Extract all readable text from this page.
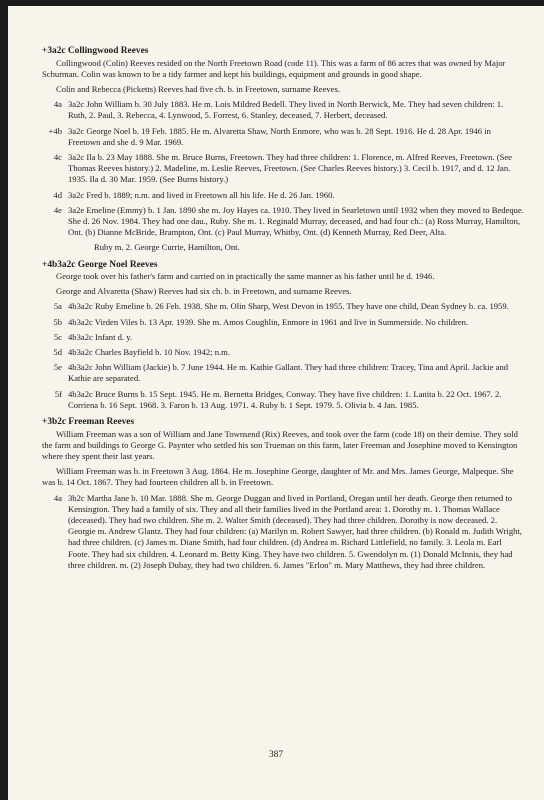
+3a2c Collingwood Reeves

Collingwood (Colin) Reeves resided on the North Freetown Road (code 11). This was a farm of 86 acres that was owned by Major Schurman. Colin was known to be a tidy farmer and kept his buildings, equipment and grounds in good shape.

Colin and Rebecca (Picketts) Reeves had five ch. b. in Freetown, surname Reeves.

4a 3a2c John William b. 30 July 1883. He m. Lois Mildred Bedell. They lived in North Berwick, Me. They had seven children: 1. Ruth, 2. Paul, 3. Rebecca, 4. Lynwood, 5. Forrest, 6. Stanley, deceased, 7. Herbert, deceased.
+4b 3a2c George Noel b. 19 Feb. 1885. He m. Alvaretta Shaw, North Enmore, who was b. 28 Sept. 1916. He d. 28 Apr. 1946 in Freetown and she d. 9 Mar. 1969.
4c 3a2c Ila b. 23 May 1888. She m. Bruce Burns, Freetown. They had three children: 1. Florence, m. Alfred Reeves, Freetown. (See Thomas Reeves history.) 2. Madeline, m. Leslie Reeves, Freetown. (See Charles Reeves history.) 3. Cecil b. 1917, and d. 12 Jan. 1935. Ila d. 30 Mar. 1959. (See Burns history.)
4d 3a2c Fred b. 1889; n.m. and lived in Freetown all his life. He d. 26 Jan. 1960.
4e 3a2e Emeline (Emmy) b. 1 Jan. 1890 she m. Joy Hayes ca. 1910. They lived in Searletown until 1932 when they moved to Bedeque. She d. 26 Nov. 1984. They had one dau., Ruby. She m. 1. Reginald Murray, deceased, and had four ch.: (a) Ross Murray, Hamilton, Ont. (b) Dianne McBride, Brampton, Ont. (c) Paul Murray, Whitby, Ont. (d) Kenneth Murray, Red Deer, Alta.
Ruby m. 2. George Currie, Hamilton, Ont.
+4b3a2c George Noel Reeves

George took over his father's farm and carried on in practically the same manner as his father until he d. 1946.

George and Alvaretta (Shaw) Reeves had six ch. b. in Freetown, and surname Reeves.

5a 4b3a2c Ruby Emeline b. 26 Feb. 1938. She m. Olin Sharp, West Devon in 1955. They have one child, Dean Sydney b. ca. 1959.
5b 4b3a2c Virden Viles b. 13 Apr. 1939. She m. Amos Coughlin, Enmore in 1961 and live in Summerside. No children.
5c 4b3a2c Infant d. y.
5d 4b3a2c Charles Bayfield b. 10 Nov. 1942; n.m.
5e 4b3a2c John William (Jackie) b. 7 June 1944. He m. Kathie Gallant. They had three children: Tracey, Tina and April. Jackie and Kathie are separated.
5f 4b3a2c Bruce Burns b. 15 Sept. 1945. He m. Bernetta Bridges, Conway. They have five children: 1. Lanita b. 22 Oct. 1967. 2. Corriena b. 16 Sept. 1968. 3. Faron b. 13 Aug. 1971. 4. Ruby b. 1 Sept. 1979. 5. Olivia b. 4 Jan. 1985.
+3b2c Freeman Reeves

William Freeman was a son of William and Jane Townsend (Rix) Reeves, and took over the farm (code 18) on their demise. They sold the farm and buildings to George G. Paynter who settled his son Trueman on this farm, later Freeman and Josephine moved to Kensington where they spent their last years.

William Freeman was b. in Freetown 3 Aug. 1864. He m. Josephine George, daughter of Mr. and Mrs. James George, Malpeque. She was b. 14 Oct. 1867. They had fourteen children all b. in Freetown.

4a 3b2c Martha Jane b. 10 Mar. 1888. She m. George Duggan and lived in Portland, Oregan until her death. George then returned to Kensington. They had a family of six. They and all their families lived in the Portland area: 1. Dorothy m. 1. Thomas Wallace (deceased). They had two children. She m. 2. Walter Smith (deceased). They had three children. Dorothy is now deceased. 2. Georgie m. Andrew Glantz. They had four children: (a) Marilyn m. Robert Sawyer, had three children. (b) Ronald m. Judith Wright, had three children. (c) James m. Diane Smith, had four children. (d) Andrea m. Richard Littlefield, no family. 3. Leola m. Earl Foote. They had six children. 4. Leonard m. Betty King. They have two children. 5. Gwendolyn m. (1) Donald McInnis, they had three children. m. (2) Joseph Dubay, they had two children. 6. James "Erlon" m. Mary Matthews, they had three children.
387
